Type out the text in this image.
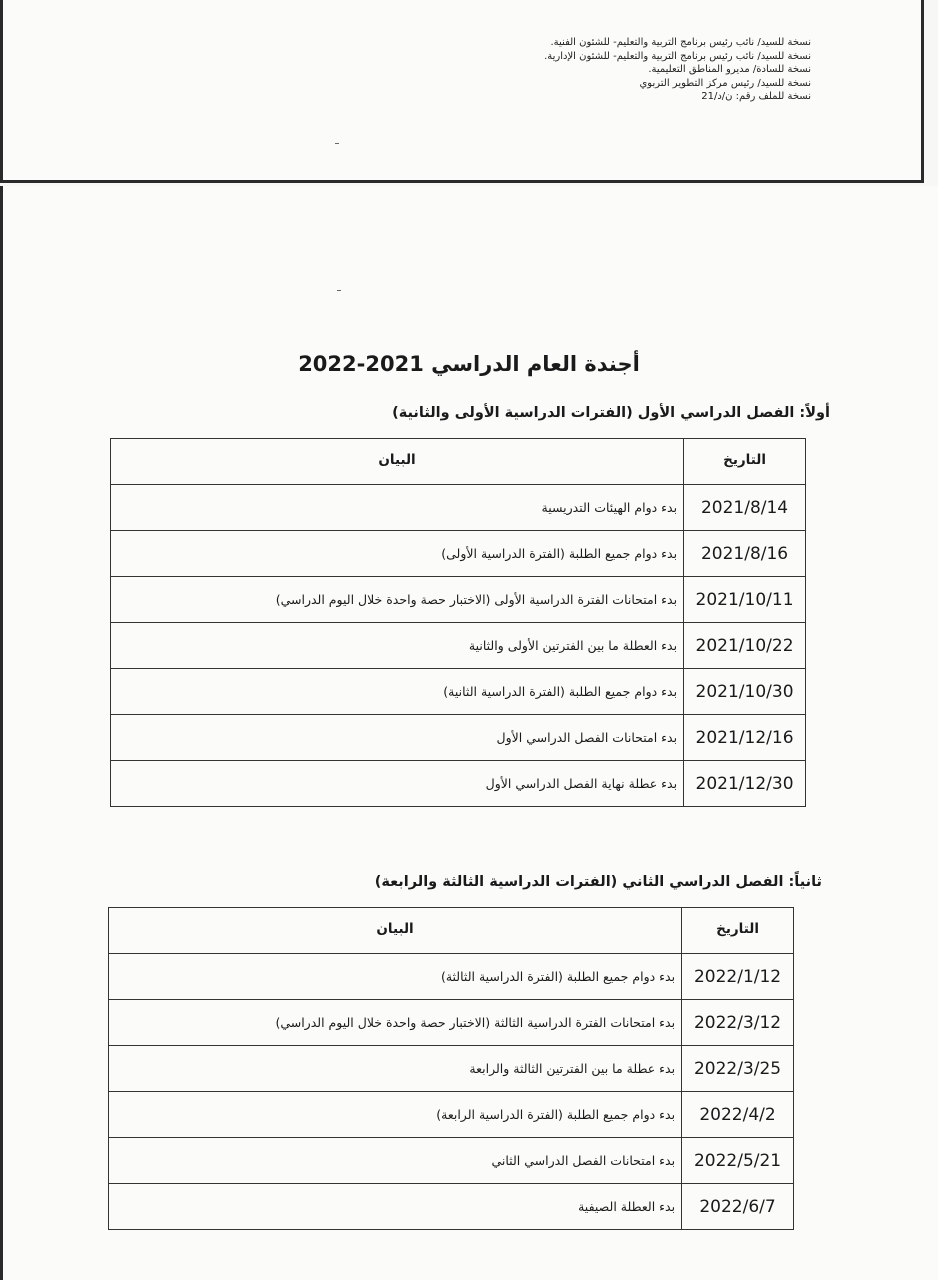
نسخة للسيد/ نائب رئيس برنامج التربية والتعليم- للشئون الفنية.
نسخة للسيد/ نائب رئيس برنامج التربية والتعليم- للشئون الإدارية.
نسخة للسادة/ مديرو المناطق التعليمية.
نسخة للسيد/ رئيس مركز التطوير التربوي
نسخة للملف رقم: ن/د/21
أجندة العام الدراسي 2021-2022
أولاً: الفصل الدراسي الأول (الفترات الدراسية الأولى والثانية)
التاريخ	البيان
2021/8/14	بدء دوام الهيئات التدريسية
2021/8/16	بدء دوام جميع الطلبة (الفترة الدراسية الأولى)
2021/10/11	بدء امتحانات الفترة الدراسية الأولى (الاختبار حصة واحدة خلال اليوم الدراسي)
2021/10/22	بدء العطلة ما بين الفترتين الأولى والثانية
2021/10/30	بدء دوام جميع الطلبة (الفترة الدراسية الثانية)
2021/12/16	بدء امتحانات الفصل الدراسي الأول
2021/12/30	بدء عطلة نهاية الفصل الدراسي الأول
ثانياً: الفصل الدراسي الثاني (الفترات الدراسية الثالثة والرابعة)
التاريخ	البيان
2022/1/12	بدء دوام جميع الطلبة (الفترة الدراسية الثالثة)
2022/3/12	بدء امتحانات الفترة الدراسية الثالثة (الاختبار حصة واحدة خلال اليوم الدراسي)
2022/3/25	بدء عطلة ما بين الفترتين الثالثة والرابعة
2022/4/2	بدء دوام جميع الطلبة (الفترة الدراسية الرابعة)
2022/5/21	بدء امتحانات الفصل الدراسي الثاني
2022/6/7	بدء العطلة الصيفية
